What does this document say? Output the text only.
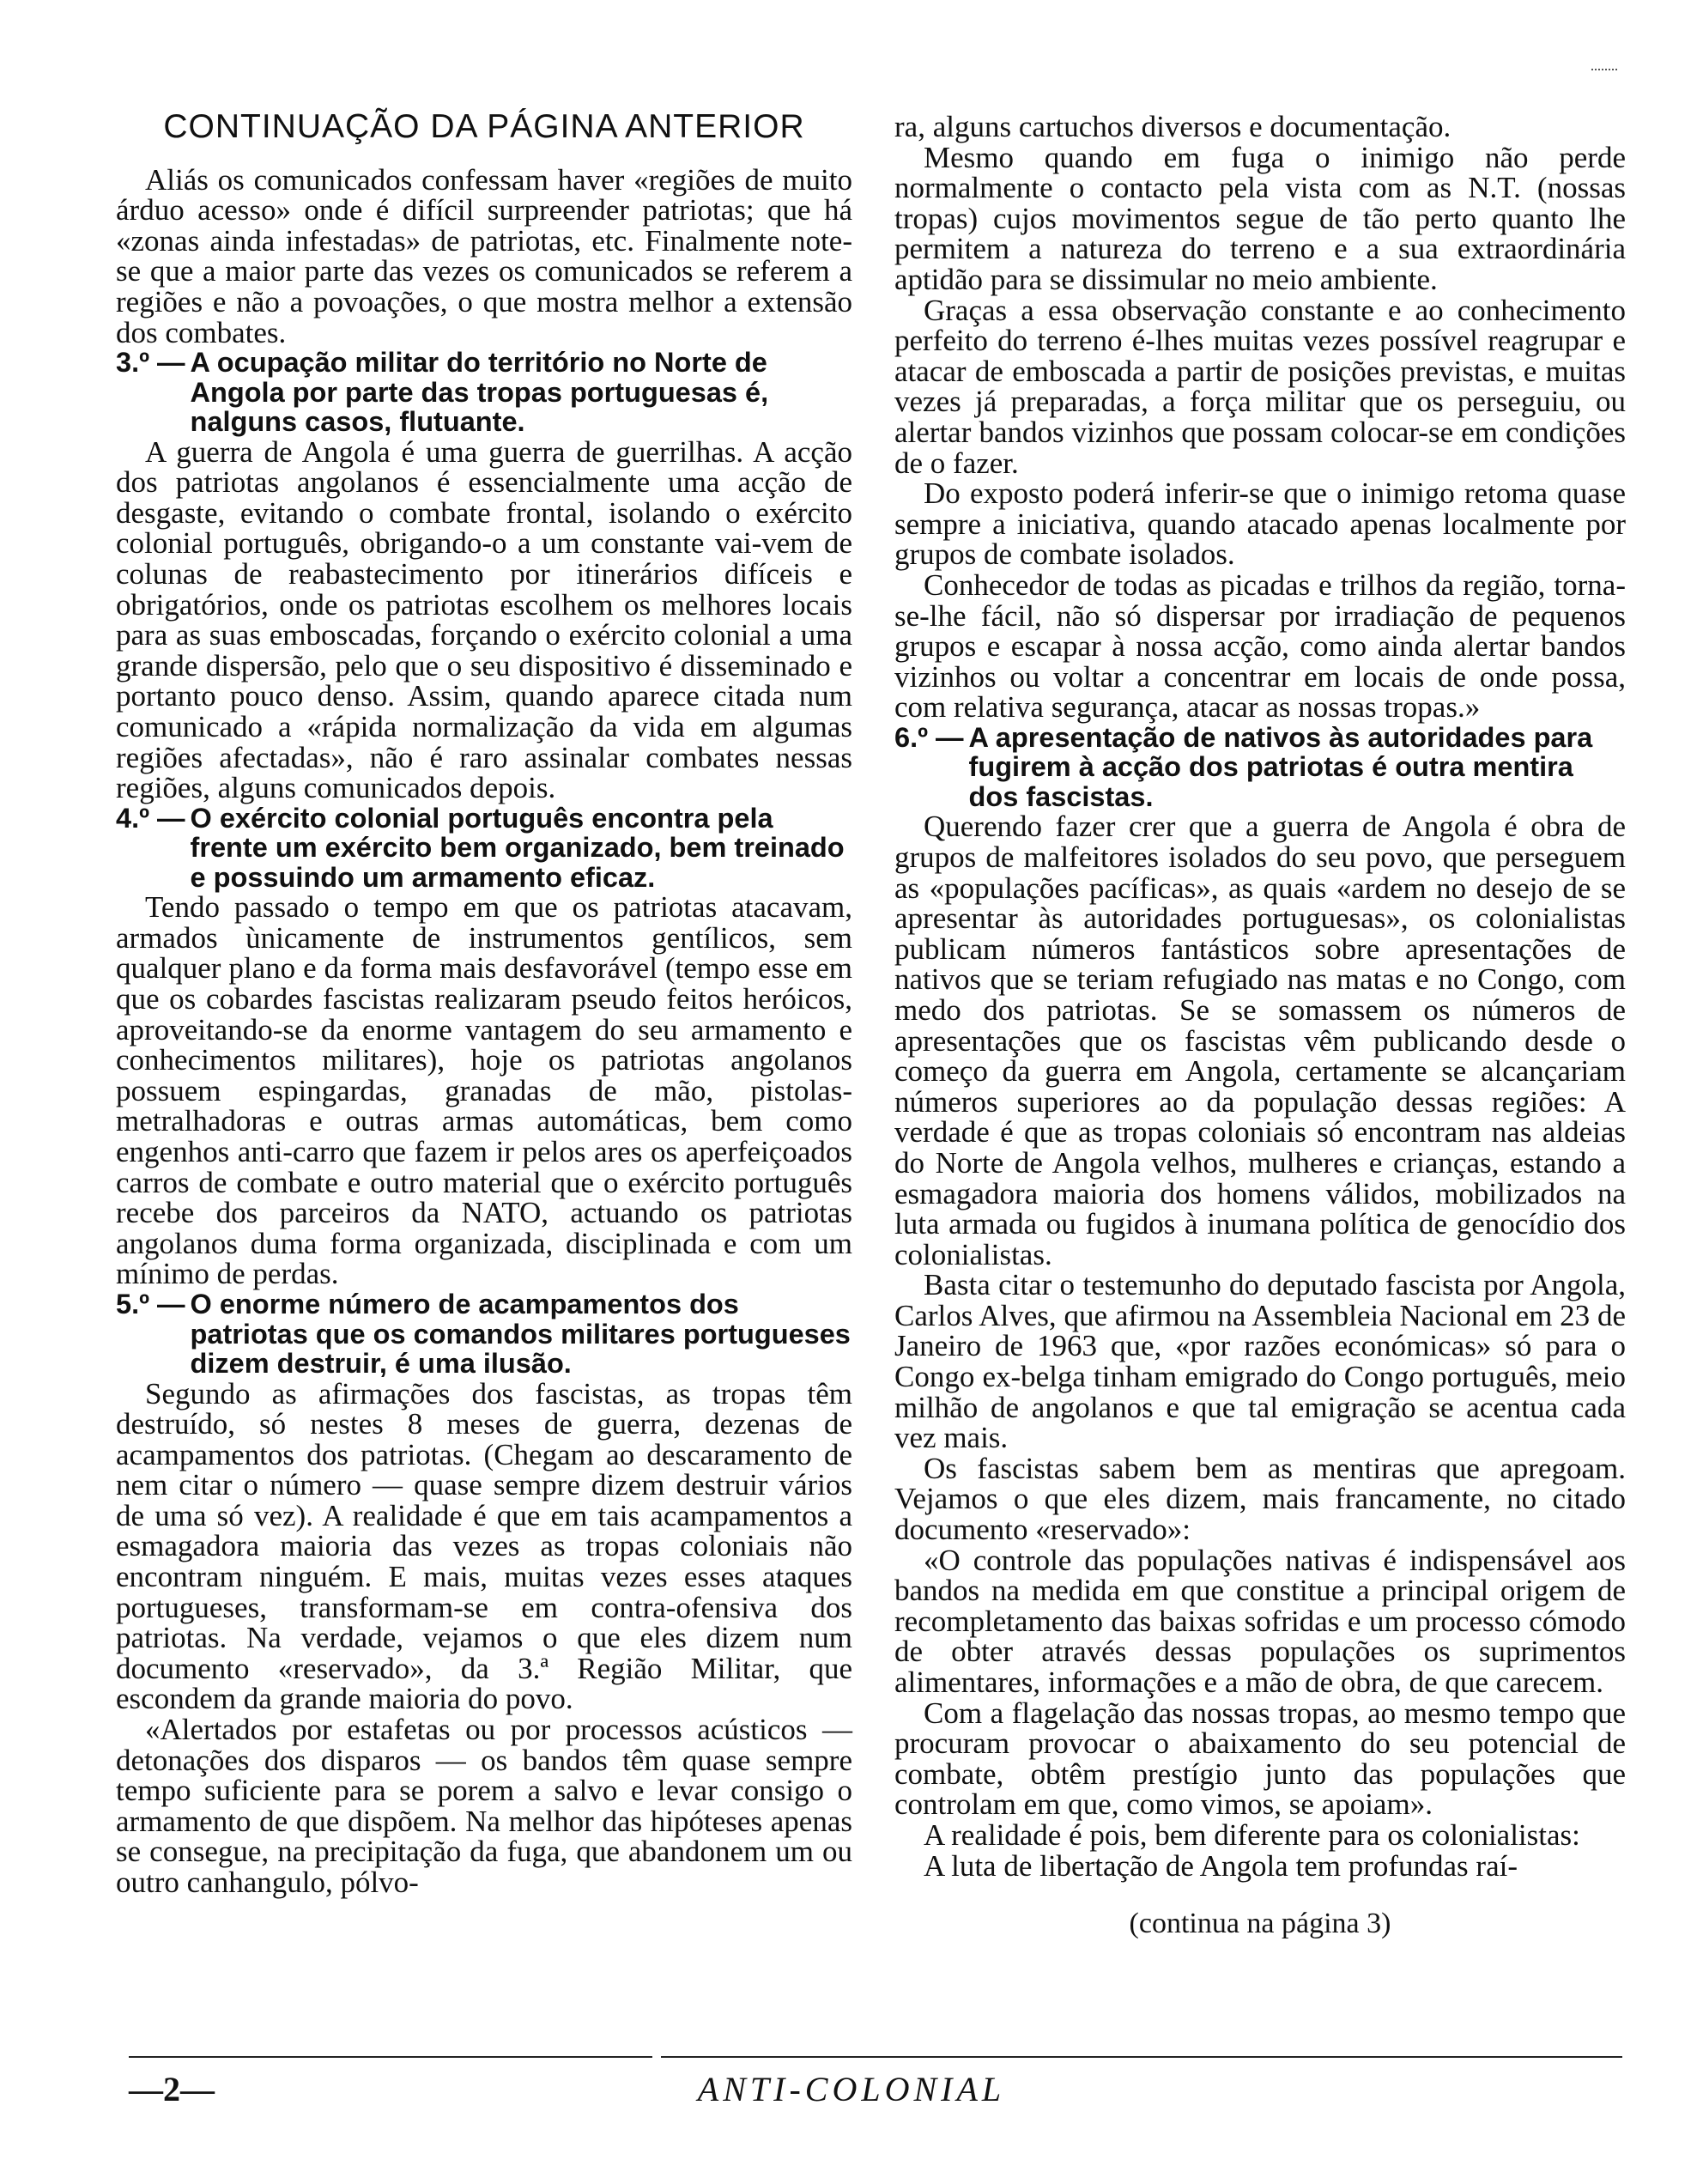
CONTINUAÇÃO DA PÁGINA ANTERIOR

Aliás os comunicados confessam haver «regiões de muito árduo acesso» onde é difícil surpreender patriotas; que há «zonas ainda infestadas» de patriotas, etc. Finalmente note-se que a maior parte das vezes os comunicados se referem a regiões e não a povoações, o que mostra melhor a extensão dos combates.

3.º — A ocupação militar do território no Norte de Angola por parte das tropas portuguesas é, nalguns casos, flutuante.

A guerra de Angola é uma guerra de guerrilhas. A acção dos patriotas angolanos é essencialmente uma acção de desgaste, evitando o combate frontal, isolando o exército colonial português, obrigando-o a um constante vai-vem de colunas de reabastecimento por itinerários difíceis e obrigatórios, onde os patriotas escolhem os melhores locais para as suas emboscadas, forçando o exército colonial a uma grande dispersão, pelo que o seu dispositivo é disseminado e portanto pouco denso. Assim, quando aparece citada num comunicado a «rápida normalização da vida em algumas regiões afectadas», não é raro assinalar combates nessas regiões, alguns comunicados depois.

4.º — O exército colonial português encontra pela frente um exército bem organizado, bem treinado e possuindo um armamento eficaz.

Tendo passado o tempo em que os patriotas atacavam, armados ùnicamente de instrumentos gentílicos, sem qualquer plano e da forma mais desfavorável (tempo esse em que os cobardes fascistas realizaram pseudo feitos heróicos, aproveitando-se da enorme vantagem do seu armamento e conhecimentos militares), hoje os patriotas angolanos possuem espingardas, granadas de mão, pistolas-metralhadoras e outras armas automáticas, bem como engenhos anti-carro que fazem ir pelos ares os aperfeiçoados carros de combate e outro material que o exército português recebe dos parceiros da NATO, actuando os patriotas angolanos duma forma organizada, disciplinada e com um mínimo de perdas.

5.º — O enorme número de acampamentos dos patriotas que os comandos militares portugueses dizem destruir, é uma ilusão.

Segundo as afirmações dos fascistas, as tropas têm destruído, só nestes 8 meses de guerra, dezenas de acampamentos dos patriotas. (Chegam ao descaramento de nem citar o número — quase sempre dizem destruir vários de uma só vez). A realidade é que em tais acampamentos a esmagadora maioria das vezes as tropas coloniais não encontram ninguém. E mais, muitas vezes esses ataques portugueses, transformam-se em contra-ofensiva dos patriotas. Na verdade, vejamos o que eles dizem num documento «reservado», da 3.ª Região Militar, que escondem da grande maioria do povo.

«Alertados por estafetas ou por processos acústicos — detonações dos disparos — os bandos têm quase sempre tempo suficiente para se porem a salvo e levar consigo o armamento de que dispõem. Na melhor das hipóteses apenas se consegue, na precipitação da fuga, que abandonem um ou outro canhangulo, pólvo-

ra, alguns cartuchos diversos e documentação.

Mesmo quando em fuga o inimigo não perde normalmente o contacto pela vista com as N.T. (nossas tropas) cujos movimentos segue de tão perto quanto lhe permitem a natureza do terreno e a sua extraordinária aptidão para se dissimular no meio ambiente.

Graças a essa observação constante e ao conhecimento perfeito do terreno é-lhes muitas vezes possível reagrupar e atacar de emboscada a partir de posições previstas, e muitas vezes já preparadas, a força militar que os perseguiu, ou alertar bandos vizinhos que possam colocar-se em condições de o fazer.

Do exposto poderá inferir-se que o inimigo retoma quase sempre a iniciativa, quando atacado apenas localmente por grupos de combate isolados.

Conhecedor de todas as picadas e trilhos da região, torna-se-lhe fácil, não só dispersar por irradiação de pequenos grupos e escapar à nossa acção, como ainda alertar bandos vizinhos ou voltar a concentrar em locais de onde possa, com relativa segurança, atacar as nossas tropas.»

6.º — A apresentação de nativos às autoridades para fugirem à acção dos patriotas é outra mentira dos fascistas.

Querendo fazer crer que a guerra de Angola é obra de grupos de malfeitores isolados do seu povo, que perseguem as «populações pacíficas», as quais «ardem no desejo de se apresentar às autoridades portuguesas», os colonialistas publicam números fantásticos sobre apresentações de nativos que se teriam refugiado nas matas e no Congo, com medo dos patriotas. Se se somassem os números de apresentações que os fascistas vêm publicando desde o começo da guerra em Angola, certamente se alcançariam números superiores ao da população dessas regiões: A verdade é que as tropas coloniais só encontram nas aldeias do Norte de Angola velhos, mulheres e crianças, estando a esmagadora maioria dos homens válidos, mobilizados na luta armada ou fugidos à inumana política de genocídio dos colonialistas.

Basta citar o testemunho do deputado fascista por Angola, Carlos Alves, que afirmou na Assembleia Nacional em 23 de Janeiro de 1963 que, «por razões económicas» só para o Congo ex-belga tinham emigrado do Congo português, meio milhão de angolanos e que tal emigração se acentua cada vez mais.

Os fascistas sabem bem as mentiras que apregoam. Vejamos o que eles dizem, mais francamente, no citado documento «reservado»:

«O controle das populações nativas é indispensável aos bandos na medida em que constitue a principal origem de recompletamento das baixas sofridas e um processo cómodo de obter através dessas populações os suprimentos alimentares, informações e a mão de obra, de que carecem.

Com a flagelação das nossas tropas, ao mesmo tempo que procuram provocar o abaixamento do seu potencial de combate, obtêm prestígio junto das populações que controlam em que, como vimos, se apoiam».

A realidade é pois, bem diferente para os colonialistas:

A luta de libertação de Angola tem profundas raí-

(continua na página 3)

—2—	ANTI-COLONIAL
